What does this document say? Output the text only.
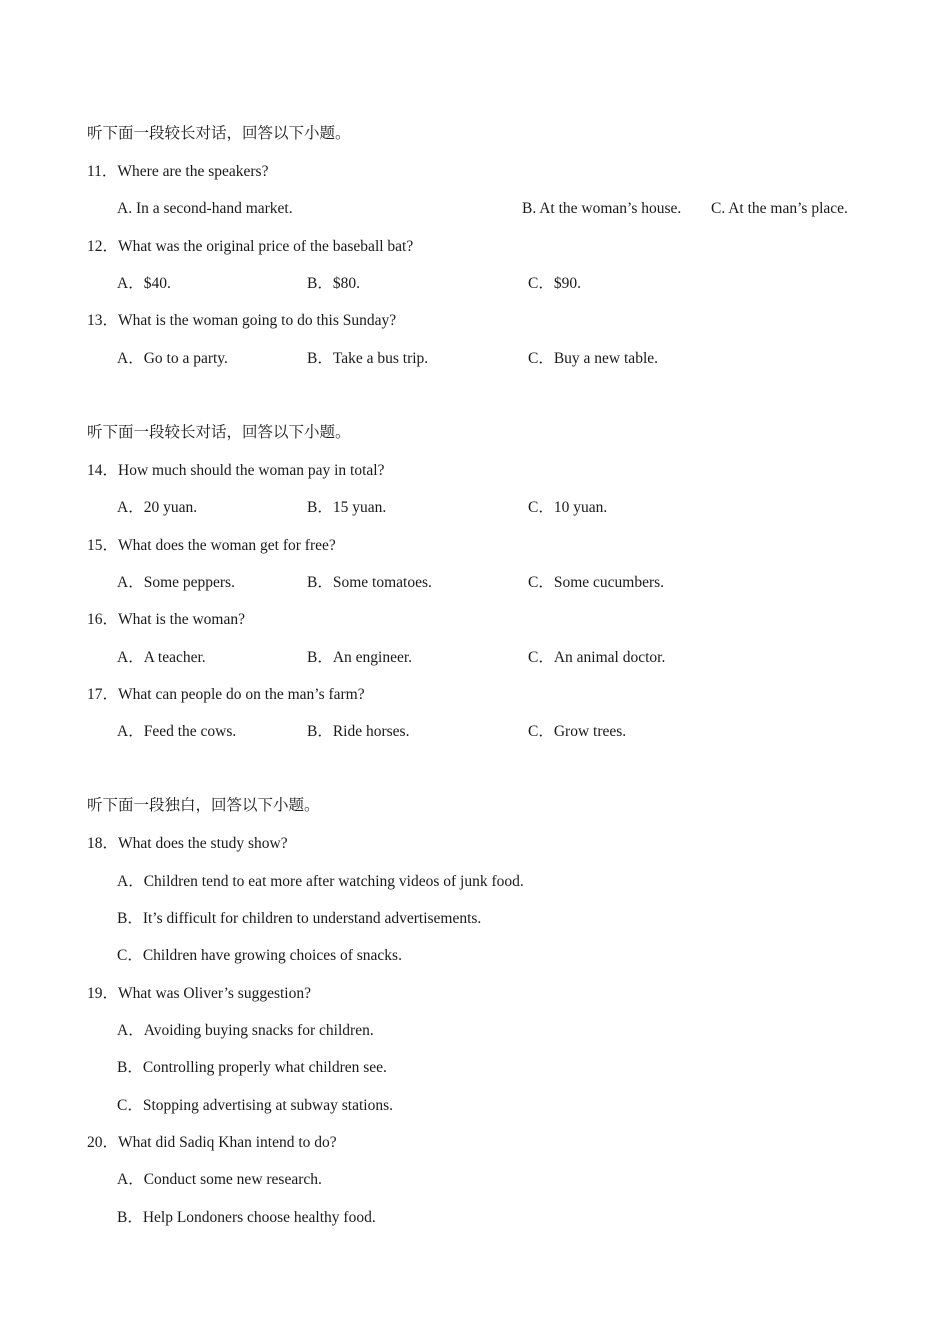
听下面一段较长对话，回答以下小题。
11．Where are the speakers?
A. In a second-hand market.	B. At the woman’s house. C. At the man’s place.
12．What was the original price of the baseball bat?
A．$40.	B．$80.	C．$90.
13．What is the woman going to do this Sunday?
A．Go to a party.	B．Take a bus trip.	C．Buy a new table.
听下面一段较长对话，回答以下小题。
14．How much should the woman pay in total?
A．20 yuan.	B．15 yuan.	C．10 yuan.
15．What does the woman get for free?
A．Some peppers.	B．Some tomatoes.	C．Some cucumbers.
16．What is the woman?
A．A teacher.	B．An engineer.	C．An animal doctor.
17．What can people do on the man’s farm?
A．Feed the cows.	B．Ride horses.	C．Grow trees.
听下面一段独白，回答以下小题。
18．What does the study show?
A．Children tend to eat more after watching videos of junk food.
B．It’s difficult for children to understand advertisements.
C．Children have growing choices of snacks.
19．What was Oliver’s suggestion?
A．Avoiding buying snacks for children.
B．Controlling properly what children see.
C．Stopping advertising at subway stations.
20．What did Sadiq Khan intend to do?
A．Conduct some new research.
B．Help Londoners choose healthy food.
